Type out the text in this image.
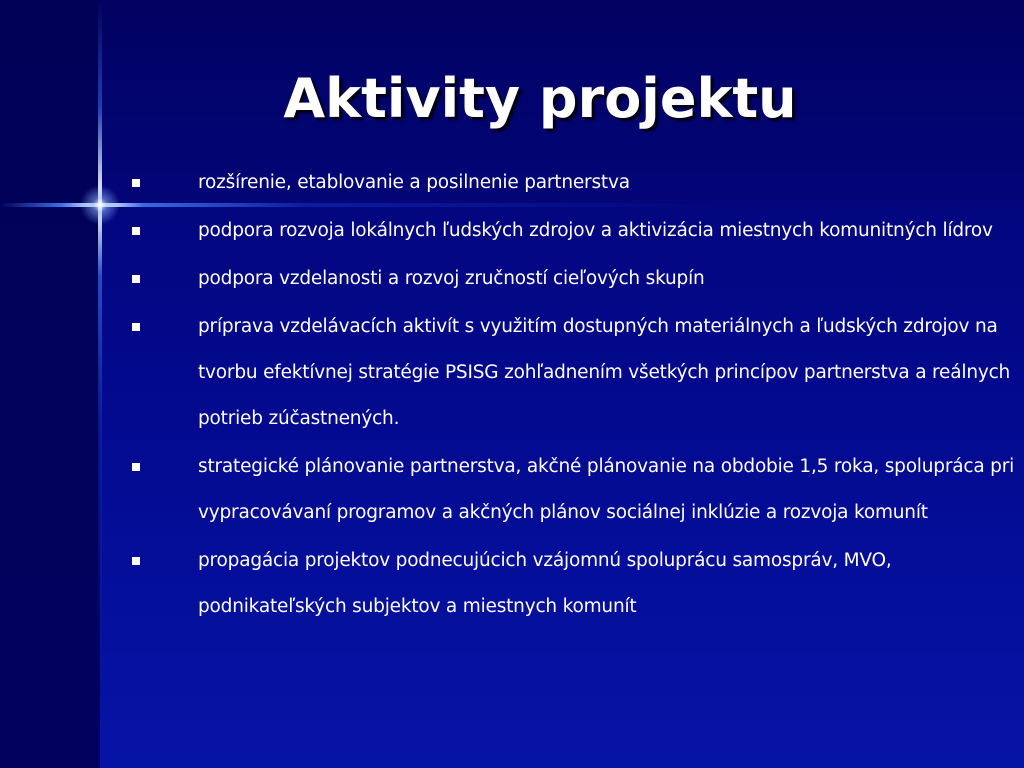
Aktivity projektu
rozšírenie, etablovanie a posilnenie partnerstva
podpora rozvoja lokálnych ľudských zdrojov a aktivizácia miestnych komunitných lídrov
podpora vzdelanosti a rozvoj zručností cieľových skupín
príprava vzdelávacích aktivít s využitím dostupných materiálnych a ľudských zdrojov na tvorbu efektívnej stratégie PSISG zohľadnením všetkých princípov partnerstva a reálnych potrieb zúčastnených.
strategické plánovanie partnerstva, akčné plánovanie na obdobie 1,5 roka, spolupráca pri vypracovávaní programov a akčných plánov sociálnej inklúzie a rozvoja komunít
propagácia projektov podnecujúcich vzájomnú spoluprácu samospráv, MVO, podnikateľských subjektov a miestnych komunít
